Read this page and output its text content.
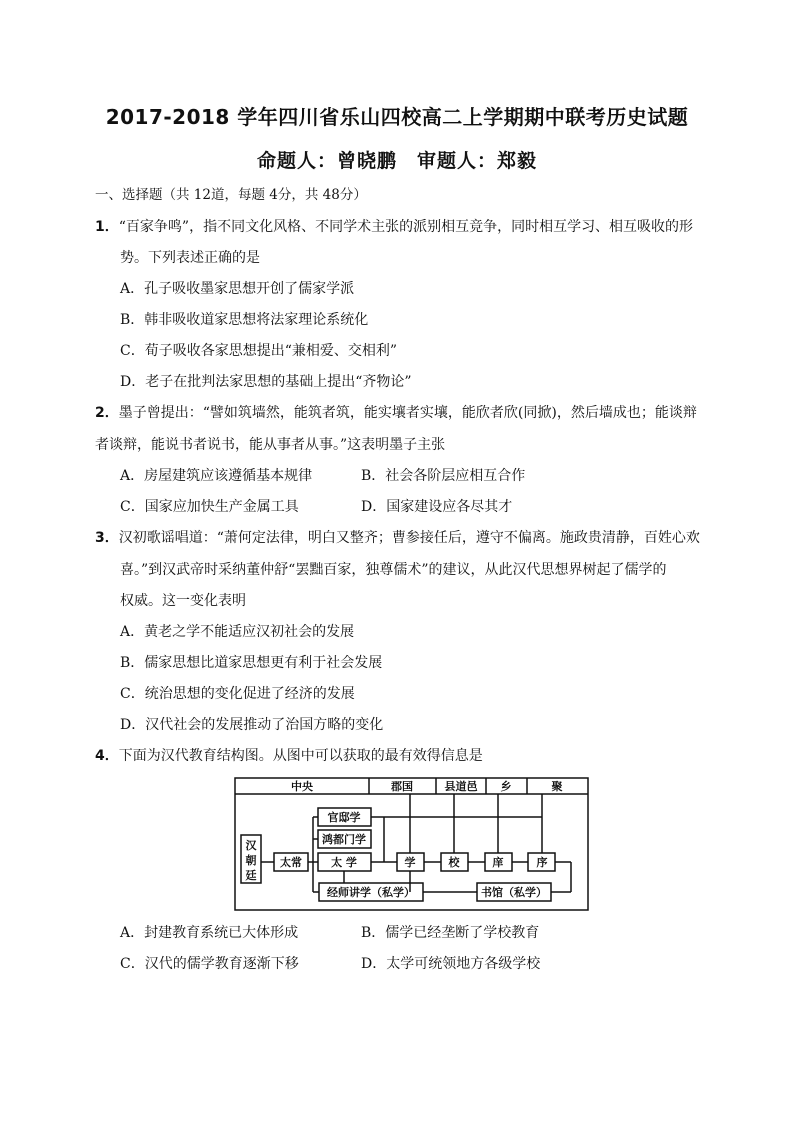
2017-2018 学年四川省乐山四校高二上学期期中联考历史试题
命题人：曾晓鹏　审题人：郑毅
一、选择题（共 12道，每题 4分，共 48分）
1．“百家争鸣”，指不同文化风格、不同学术主张的派别相互竞争，同时相互学习、相互吸收的形
势。下列表述正确的是
A．孔子吸收墨家思想开创了儒家学派
B．韩非吸收道家思想将法家理论系统化
C．荀子吸收各家思想提出“兼相爱、交相利”
D．老子在批判法家思想的基础上提出“齐物论”
2．墨子曾提出：“譬如筑墙然，能筑者筑，能实壤者实壤，能欣者欣(同掀)，然后墙成也；能谈辩
者谈辩，能说书者说书，能从事者从事。”这表明墨子主张
A．房屋建筑应该遵循基本规律	B．社会各阶层应相互合作
C．国家应加快生产金属工具	D．国家建设应各尽其才
3．汉初歌谣唱道：“萧何定法律，明白又整齐；曹参接任后，遵守不偏离。施政贵清静，百姓心欢
喜。”到汉武帝时采纳董仲舒“罢黜百家，独尊儒术”的建议，从此汉代思想界树起了儒学的
权威。这一变化表明
A．黄老之学不能适应汉初社会的发展
B．儒家思想比道家思想更有利于社会发展
C．统治思想的变化促进了经济的发展
D．汉代社会的发展推动了治国方略的变化
4．下面为汉代教育结构图。从图中可以获取的最有效得信息是
中央	郡国	县道邑 乡	聚
汉
朝
廷
太常
官邸学
鸿都门学
太 学	学	校	庠	序
经师讲学（私学）	书馆（私学）
A．封建教育系统已大体形成	B．儒学已经垄断了学校教育
C．汉代的儒学教育逐渐下移	D．太学可统领地方各级学校
